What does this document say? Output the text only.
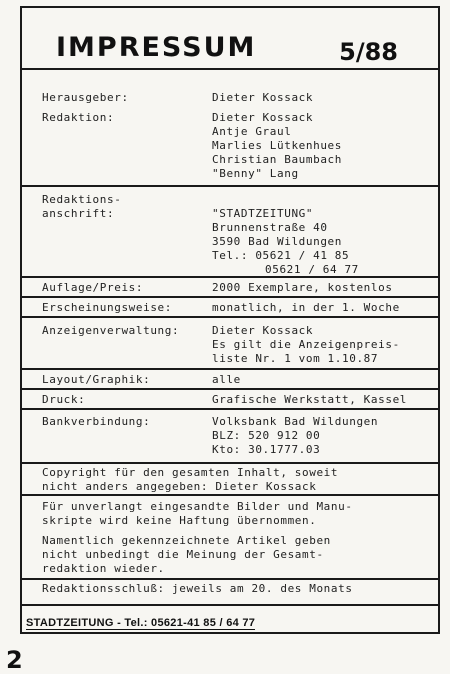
IMPRESSUM	5/88
Herausgeber:	Dieter Kossack
Redaktion:	Dieter Kossack
Antje Graul
Marlies Lütkenhues
Christian Baumbach
"Benny" Lang
Redaktions-
anschrift:	"STADTZEITUNG"
Brunnenstraße 40
3590 Bad Wildungen
Tel.: 05621 / 41 85
05621 / 64 77
Auflage/Preis:	2000 Exemplare, kostenlos
Erscheinungsweise:	monatlich, in der 1. Woche
Anzeigenverwaltung:	Dieter Kossack
Es gilt die Anzeigenpreis-
liste Nr. 1 vom 1.10.87
Layout/Graphik:	alle
Druck:	Grafische Werkstatt, Kassel
Bankverbindung:	Volksbank Bad Wildungen
BLZ: 520 912 00
Kto: 30.1777.03
Copyright für den gesamten Inhalt, soweit
nicht anders angegeben: Dieter Kossack
Für unverlangt eingesandte Bilder und Manu-
skripte wird keine Haftung übernommen.
Namentlich gekennzeichnete Artikel geben
nicht unbedingt die Meinung der Gesamt-
redaktion wieder.
Redaktionsschluß: jeweils am 20. des Monats
STADTZEITUNG - Tel.: 05621-41 85 / 64 77
2
